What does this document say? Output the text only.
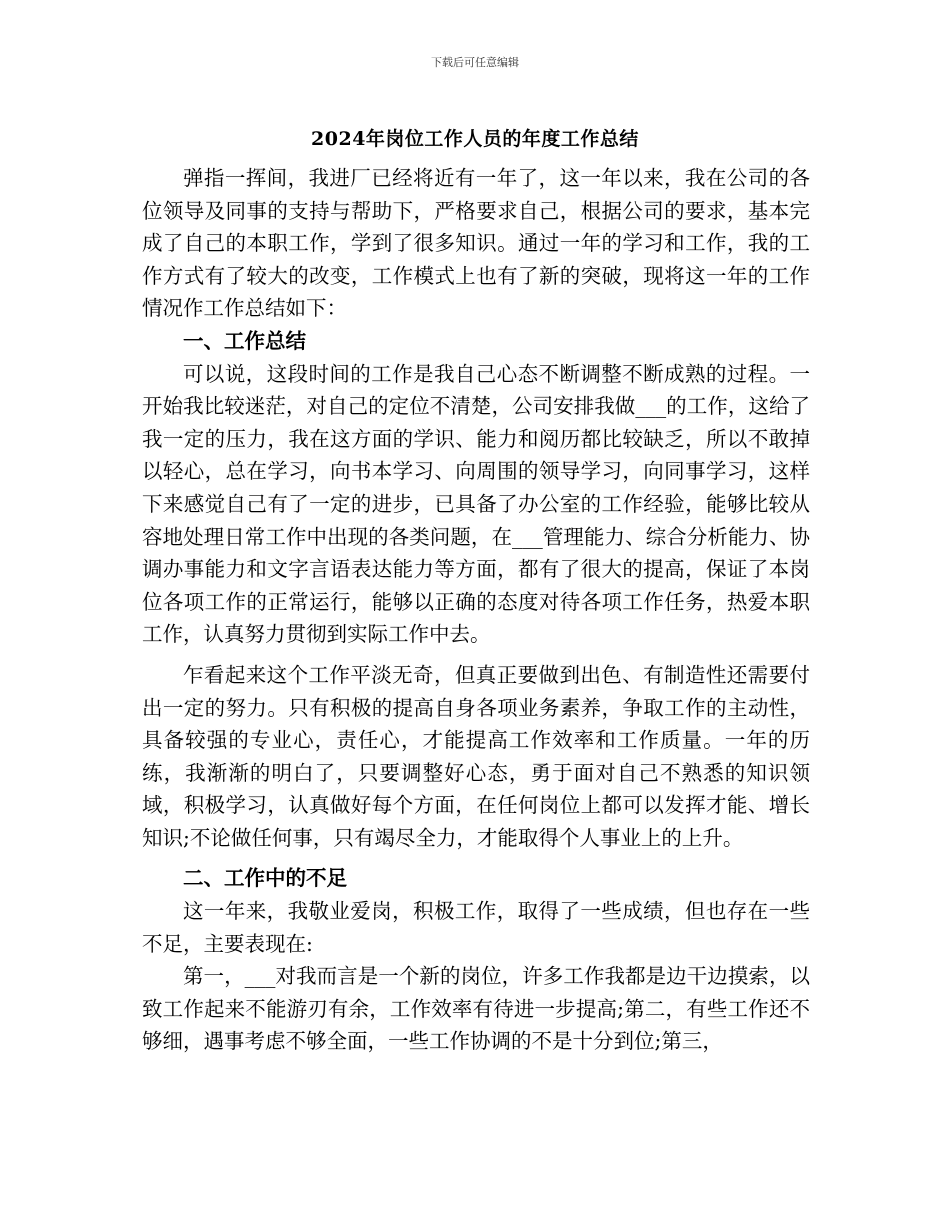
下载后可任意编辑
2024年岗位工作人员的年度工作总结

弹指一挥间，我进厂已经将近有一年了，这一年以来，我在公司的各位领导及同事的支持与帮助下，严格要求自己，根据公司的要求，基本完成了自己的本职工作，学到了很多知识。通过一年的学习和工作，我的工作方式有了较大的改变，工作模式上也有了新的突破，现将这一年的工作情况作工作总结如下：

一、工作总结

可以说，这段时间的工作是我自己心态不断调整不断成熟的过程。一开始我比较迷茫，对自己的定位不清楚，公司安排我做___的工作，这给了我一定的压力，我在这方面的学识、能力和阅历都比较缺乏，所以不敢掉以轻心，总在学习，向书本学习、向周围的领导学习，向同事学习，这样下来感觉自己有了一定的进步，已具备了办公室的工作经验，能够比较从容地处理日常工作中出现的各类问题，在___管理能力、综合分析能力、协调办事能力和文字言语表达能力等方面，都有了很大的提高，保证了本岗位各项工作的正常运行，能够以正确的态度对待各项工作任务，热爱本职工作，认真努力贯彻到实际工作中去。

乍看起来这个工作平淡无奇，但真正要做到出色、有制造性还需要付出一定的努力。只有积极的提高自身各项业务素养，争取工作的主动性，具备较强的专业心，责任心，才能提高工作效率和工作质量。一年的历练，我渐渐的明白了，只要调整好心态，勇于面对自己不熟悉的知识领域，积极学习，认真做好每个方面，在任何岗位上都可以发挥才能、增长知识;不论做任何事，只有竭尽全力，才能取得个人事业上的上升。

二、工作中的不足

这一年来，我敬业爱岗，积极工作，取得了一些成绩，但也存在一些不足，主要表现在:

第一，___对我而言是一个新的岗位，许多工作我都是边干边摸索，以致工作起来不能游刃有余，工作效率有待进一步提高;第二，有些工作还不够细，遇事考虑不够全面，一些工作协调的不是十分到位;第三，
